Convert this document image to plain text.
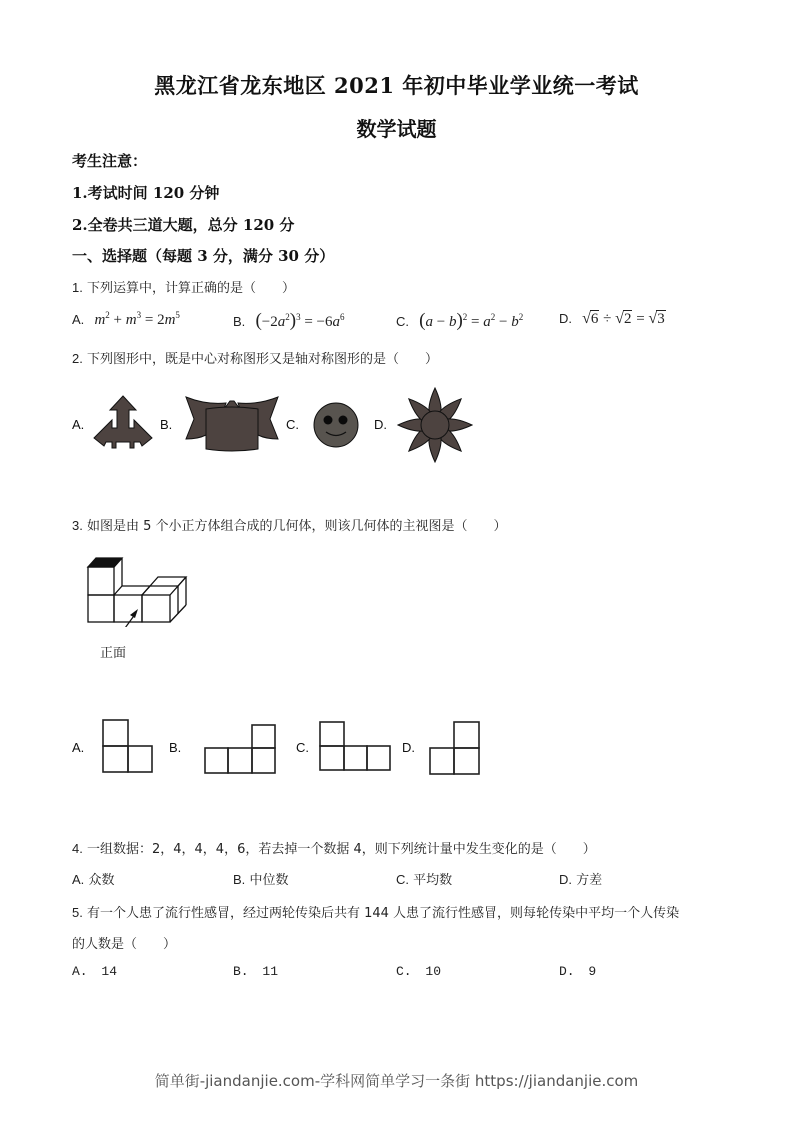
黑龙江省龙东地区 2021 年初中毕业学业统一考试
数学试题
考生注意：
1.考试时间 120 分钟
2.全卷共三道大题，总分 120 分
一、选择题（每题 3 分，满分 30 分）
1. 下列运算中，计算正确的是（　　）
A. $m^2 + m^3 = 2m^5$	B. $(-2a^2)^3 = -6a^6$	C. $(a - b)^2 = a^2 - b^2$	D. √6 ÷ √2 = √3
2. 下列图形中，既是中心对称图形又是轴对称图形的是（　　）
A.	B.	C.	D.
3. 如图是由 5 个小正方体组合成的几何体，则该几何体的主视图是（　　）
正面
A.	B.	C.	D.
4. 一组数据：2，4，4，4，6，若去掉一个数据 4，则下列统计量中发生变化的是（　　）
A. 众数	B. 中位数	C. 平均数	D. 方差
5. 有一个人患了流行性感冒，经过两轮传染后共有 144 人患了流行性感冒，则每轮传染中平均一个人传染
的人数是（　　）
A. 14	B. 11	C. 10	D. 9
简单街-jiandanjie.com-学科网简单学习一条街 https://jiandanjie.com
